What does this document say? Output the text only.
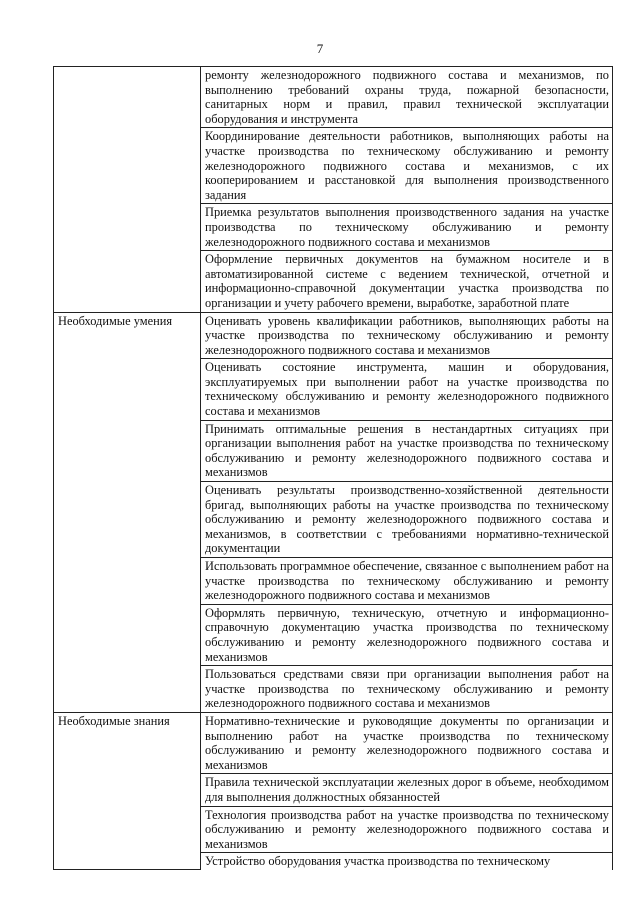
7
	ремонту железнодорожного подвижного состава и механизмов, по выполнению требований охраны труда, пожарной безопасности, санитарных норм и правил, правил технической эксплуатации оборудования и инструмента
	Координирование деятельности работников, выполняющих работы на участке производства по техническому обслуживанию и ремонту железнодорожного подвижного состава и механизмов, с их кооперированием и расстановкой для выполнения производственного задания
	Приемка результатов выполнения производственного задания на участке производства по техническому обслуживанию и ремонту железнодорожного подвижного состава и механизмов
	Оформление первичных документов на бумажном носителе и в автоматизированной системе с ведением технической, отчетной и информационно-справочной документации участка производства по организации и учету рабочего времени, выработке, заработной плате
Необходимые умения	Оценивать уровень квалификации работников, выполняющих работы на участке производства по техническому обслуживанию и ремонту железнодорожного подвижного состава и механизмов
	Оценивать состояние инструмента, машин и оборудования, эксплуатируемых при выполнении работ на участке производства по техническому обслуживанию и ремонту железнодорожного подвижного состава и механизмов
	Принимать оптимальные решения в нестандартных ситуациях при организации выполнения работ на участке производства по техническому обслуживанию и ремонту железнодорожного подвижного состава и механизмов
	Оценивать результаты производственно-хозяйственной деятельности бригад, выполняющих работы на участке производства по техническому обслуживанию и ремонту железнодорожного подвижного состава и механизмов, в соответствии с требованиями нормативно-технической документации
	Использовать программное обеспечение, связанное с выполнением работ на участке производства по техническому обслуживанию и ремонту железнодорожного подвижного состава и механизмов
	Оформлять первичную, техническую, отчетную и информационно-справочную документацию участка производства по техническому обслуживанию и ремонту железнодорожного подвижного состава и механизмов
	Пользоваться средствами связи при организации выполнения работ на участке производства по техническому обслуживанию и ремонту железнодорожного подвижного состава и механизмов
Необходимые знания	Нормативно-технические и руководящие документы по организации и выполнению работ на участке производства по техническому обслуживанию и ремонту железнодорожного подвижного состава и механизмов
	Правила технической эксплуатации железных дорог в объеме, необходимом для выполнения должностных обязанностей
	Технология производства работ на участке производства по техническому обслуживанию и ремонту железнодорожного подвижного состава и механизмов
	Устройство оборудования участка производства по техническому
